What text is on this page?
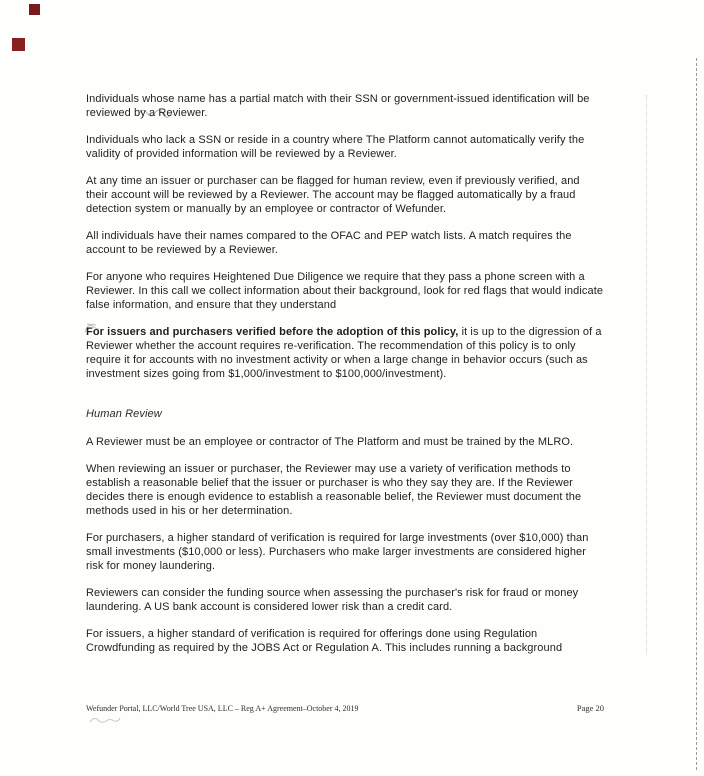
Individuals whose name has a partial match with their SSN or government-issued identification will be reviewed by a Reviewer.

Individuals who lack a SSN or reside in a country where The Platform cannot automatically verify the validity of provided information will be reviewed by a Reviewer.

At any time an issuer or purchaser can be flagged for human review, even if previously verified, and their account will be reviewed by a Reviewer. The account may be flagged automatically by a fraud detection system or manually by an employee or contractor of Wefunder.

All individuals have their names compared to the OFAC and PEP watch lists. A match requires the account to be reviewed by a Reviewer.

For anyone who requires Heightened Due Diligence we require that they pass a phone screen with a Reviewer. In this call we collect information about their background, look for red flags that would indicate false information, and ensure that they understand

For issuers and purchasers verified before the adoption of this policy, it is up to the digression of a Reviewer whether the account requires re-verification. The recommendation of this policy is to only require it for accounts with no investment activity or when a large change in behavior occurs (such as investment sizes going from $1,000/investment to $100,000/investment).

Human Review

A Reviewer must be an employee or contractor of The Platform and must be trained by the MLRO.

When reviewing an issuer or purchaser, the Reviewer may use a variety of verification methods to establish a reasonable belief that the issuer or purchaser is who they say they are. If the Reviewer decides there is enough evidence to establish a reasonable belief, the Reviewer must document the methods used in his or her determination.

For purchasers, a higher standard of verification is required for large investments (over $10,000) than small investments ($10,000 or less). Purchasers who make larger investments are considered higher risk for money laundering.

Reviewers can consider the funding source when assessing the purchaser's risk for fraud or money laundering. A US bank account is considered lower risk than a credit card.

For issuers, a higher standard of verification is required for offerings done using Regulation Crowdfunding as required by the JOBS Act or Regulation A. This includes running a background

Wefunder Portal, LLC/World Tree USA, LLC – Reg A+ Agreement–October 4, 2019	Page 20
